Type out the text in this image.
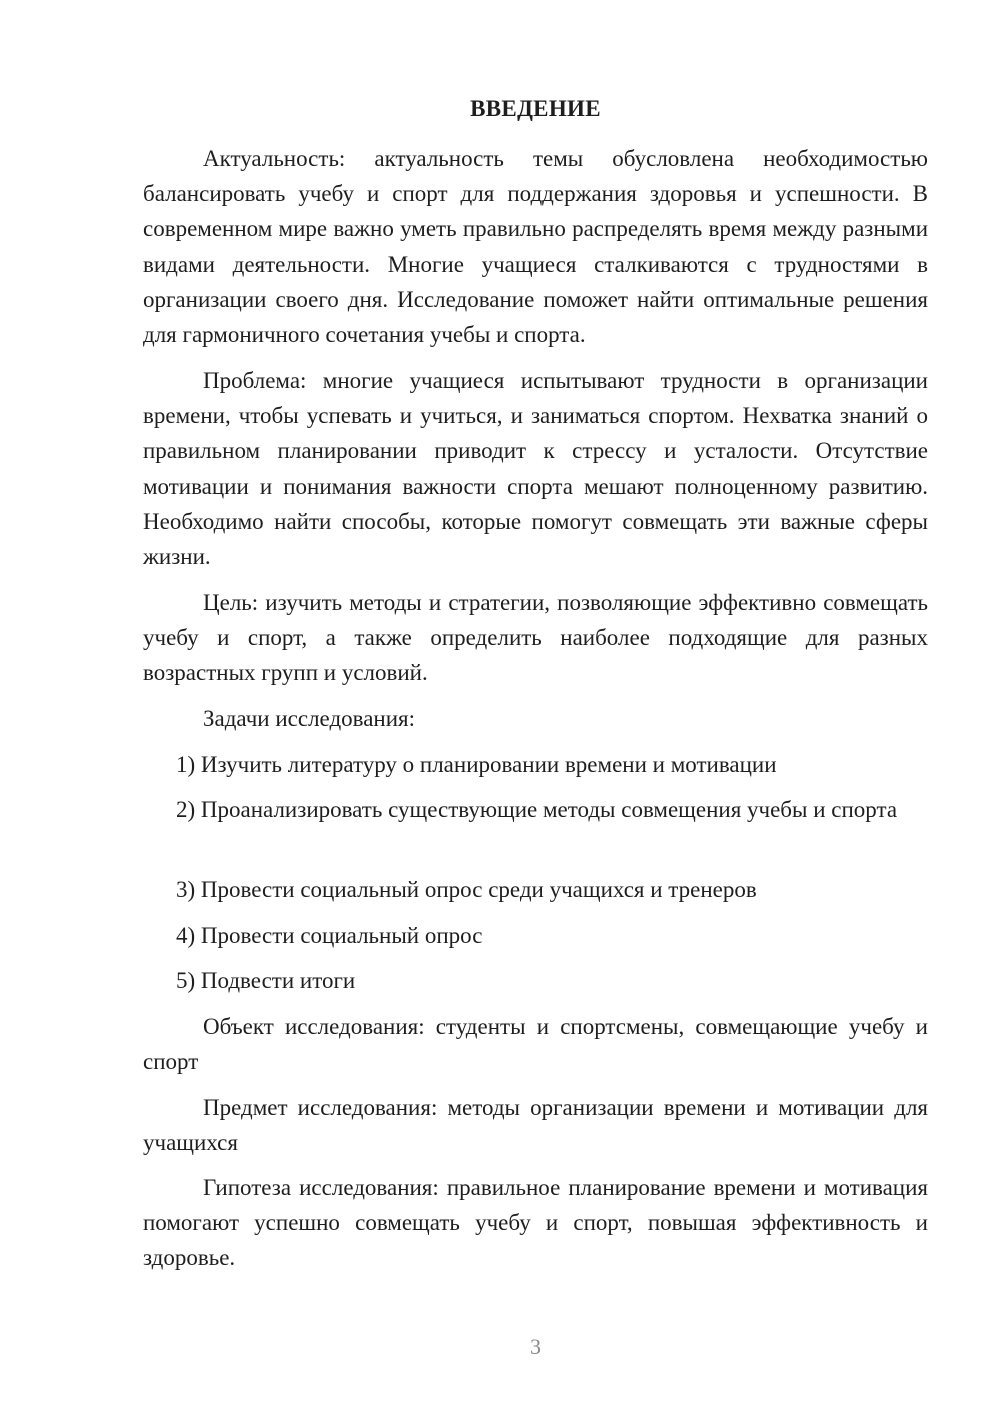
ВВЕДЕНИЕ

Актуальность: актуальность темы обусловлена необходимостью балансировать учебу и спорт для поддержания здоровья и успешности. В современном мире важно уметь правильно распределять время между разными видами деятельности. Многие учащиеся сталкиваются с трудностями в организации своего дня. Исследование поможет найти оптимальные решения для гармоничного сочетания учебы и спорта.

Проблема: многие учащиеся испытывают трудности в организации времени, чтобы успевать и учиться, и заниматься спортом. Нехватка знаний о правильном планировании приводит к стрессу и усталости. Отсутствие мотивации и понимания важности спорта мешают полноценному развитию. Необходимо найти способы, которые помогут совмещать эти важные сферы жизни.

Цель: изучить методы и стратегии, позволяющие эффективно совмещать учебу и спорт, а также определить наиболее подходящие для разных возрастных групп и условий.

Задачи исследования:

1) Изучить литературу о планировании времени и мотивации

2) Проанализировать существующие методы совмещения учебы и спорта

3) Провести социальный опрос среди учащихся и тренеров

4) Провести социальный опрос

5) Подвести итоги

Объект исследования: студенты и спортсмены, совмещающие учебу и спорт

Предмет исследования: методы организации времени и мотивации для учащихся

Гипотеза исследования: правильное планирование времени и мотивация помогают успешно совмещать учебу и спорт, повышая эффективность и здоровье.

3
